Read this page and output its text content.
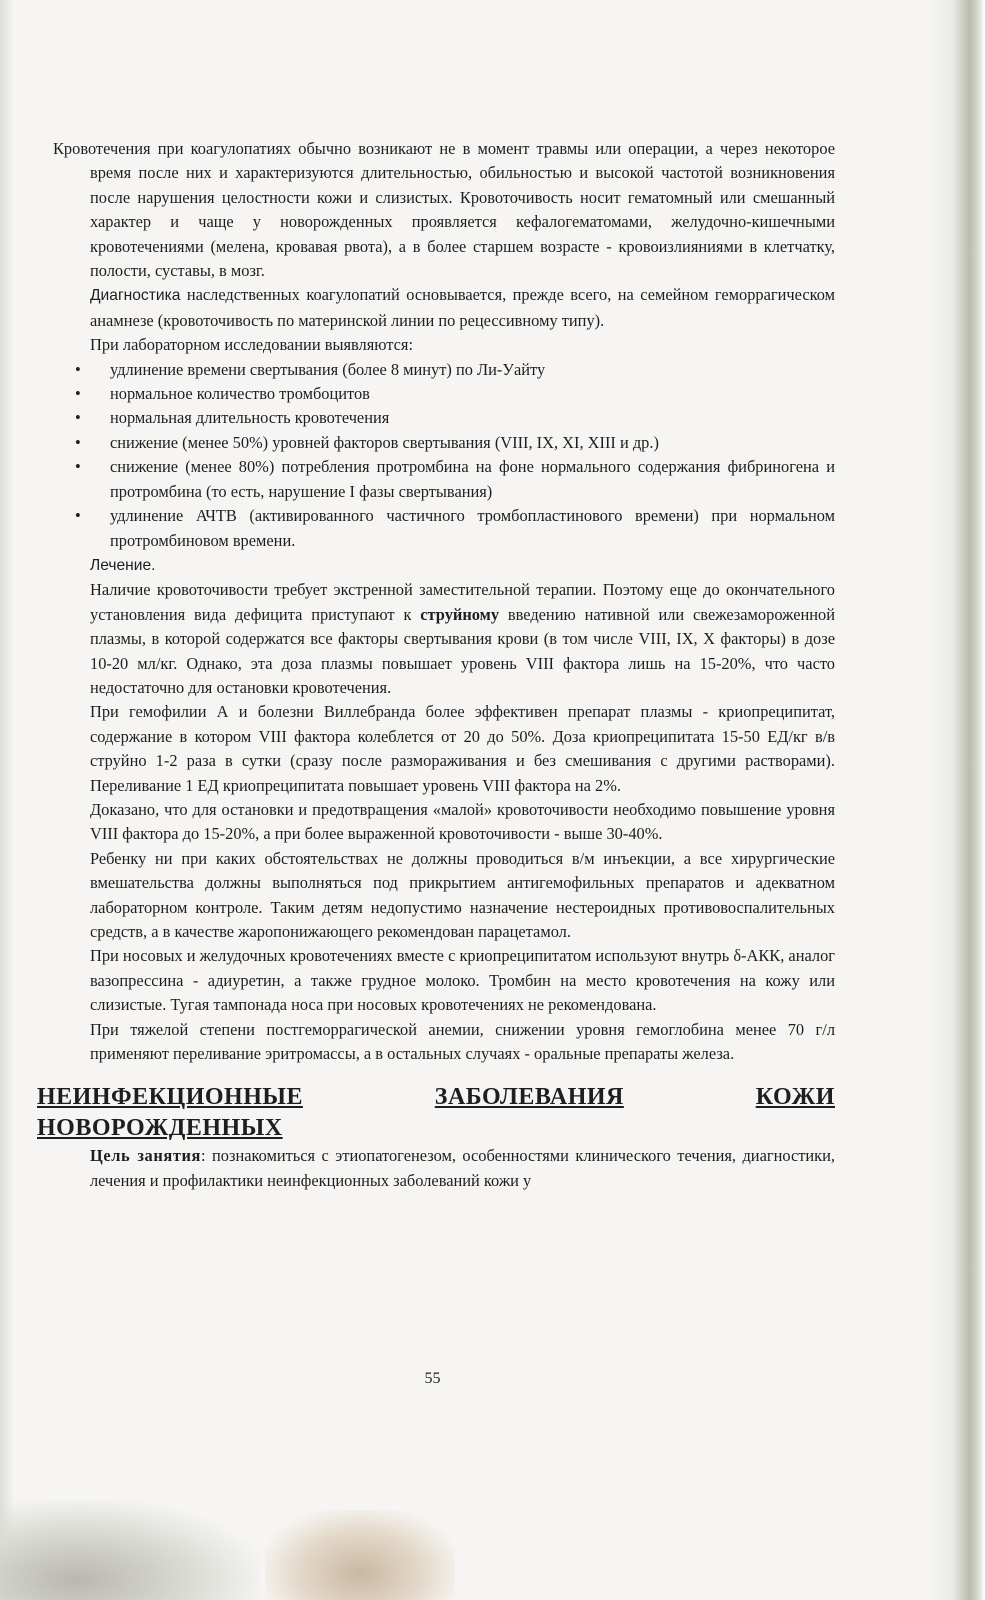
Кровотечения при коагулопатиях обычно возникают не в момент травмы или операции, а через некоторое время после них и характеризуются длительностью, обильностью и высокой частотой возникновения после нарушения целостности кожи и слизистых. Кровоточивость носит гематомный или смешанный характер и чаще у новорожденных проявляется кефалогематомами, желудочно-кишечными кровотечениями (мелена, кровавая рвота), а в более старшем возрасте - кровоизлияниями в клетчатку, полости, суставы, в мозг.

Диагностика наследственных коагулопатий основывается, прежде всего, на семейном геморрагическом анамнезе (кровоточивость по материнской линии по рецессивному типу).

При лабораторном исследовании выявляются:

• удлинение времени свертывания (более 8 минут) по Ли-Уайту
• нормальное количество тромбоцитов
• нормальная длительность кровотечения
• снижение (менее 50%) уровней факторов свертывания (VIII, IX, XI, XIII и др.)
• снижение (менее 80%) потребления протромбина на фоне нормального содержания фибриногена и протромбина (то есть, нарушение I фазы свертывания)
• удлинение АЧТВ (активированного частичного тромбопластинового времени) при нормальном протромбиновом времени.

Лечение.

Наличие кровоточивости требует экстренной заместительной терапии. Поэтому еще до окончательного установления вида дефицита приступают к струйному введению нативной или свежезамороженной плазмы, в которой содержатся все факторы свертывания крови (в том числе VIII, IX, X факторы) в дозе 10-20 мл/кг. Однако, эта доза плазмы повышает уровень VIII фактора лишь на 15-20%, что часто недостаточно для остановки кровотечения.

При гемофилии А и болезни Виллебранда более эффективен препарат плазмы - криопреципитат, содержание в котором VIII фактора колеблется от 20 до 50%. Доза криопреципитата 15-50 ЕД/кг в/в струйно 1-2 раза в сутки (сразу после размораживания и без смешивания с другими растворами). Переливание 1 ЕД криопреципитата повышает уровень VIII фактора на 2%.

Доказано, что для остановки и предотвращения «малой» кровоточивости необходимо повышение уровня VIII фактора до 15-20%, а при более выраженной кровоточивости - выше 30-40%.

Ребенку ни при каких обстоятельствах не должны проводиться в/м инъекции, а все хирургические вмешательства должны выполняться под прикрытием антигемофильных препаратов и адекватном лабораторном контроле. Таким детям недопустимо назначение нестероидных противовоспалительных средств, а в качестве жаропонижающего рекомендован парацетамол.

При носовых и желудочных кровотечениях вместе с криопреципитатом используют внутрь δ-АКК, аналог вазопрессина - адиуретин, а также грудное молоко. Тромбин на место кровотечения на кожу или слизистые. Тугая тампонада носа при носовых кровотечениях не рекомендована.

При тяжелой степени постгеморрагической анемии, снижении уровня гемоглобина менее 70 г/л применяют переливание эритромассы, а в остальных случаях - оральные препараты железа.

НЕИНФЕКЦИОННЫЕ	ЗАБОЛЕВАНИЯ	КОЖИ
НОВОРОЖДЕННЫХ

Цель занятия: познакомиться с этиопатогенезом, особенностями клинического течения, диагностики, лечения и профилактики неинфекционных заболеваний кожи у

55
